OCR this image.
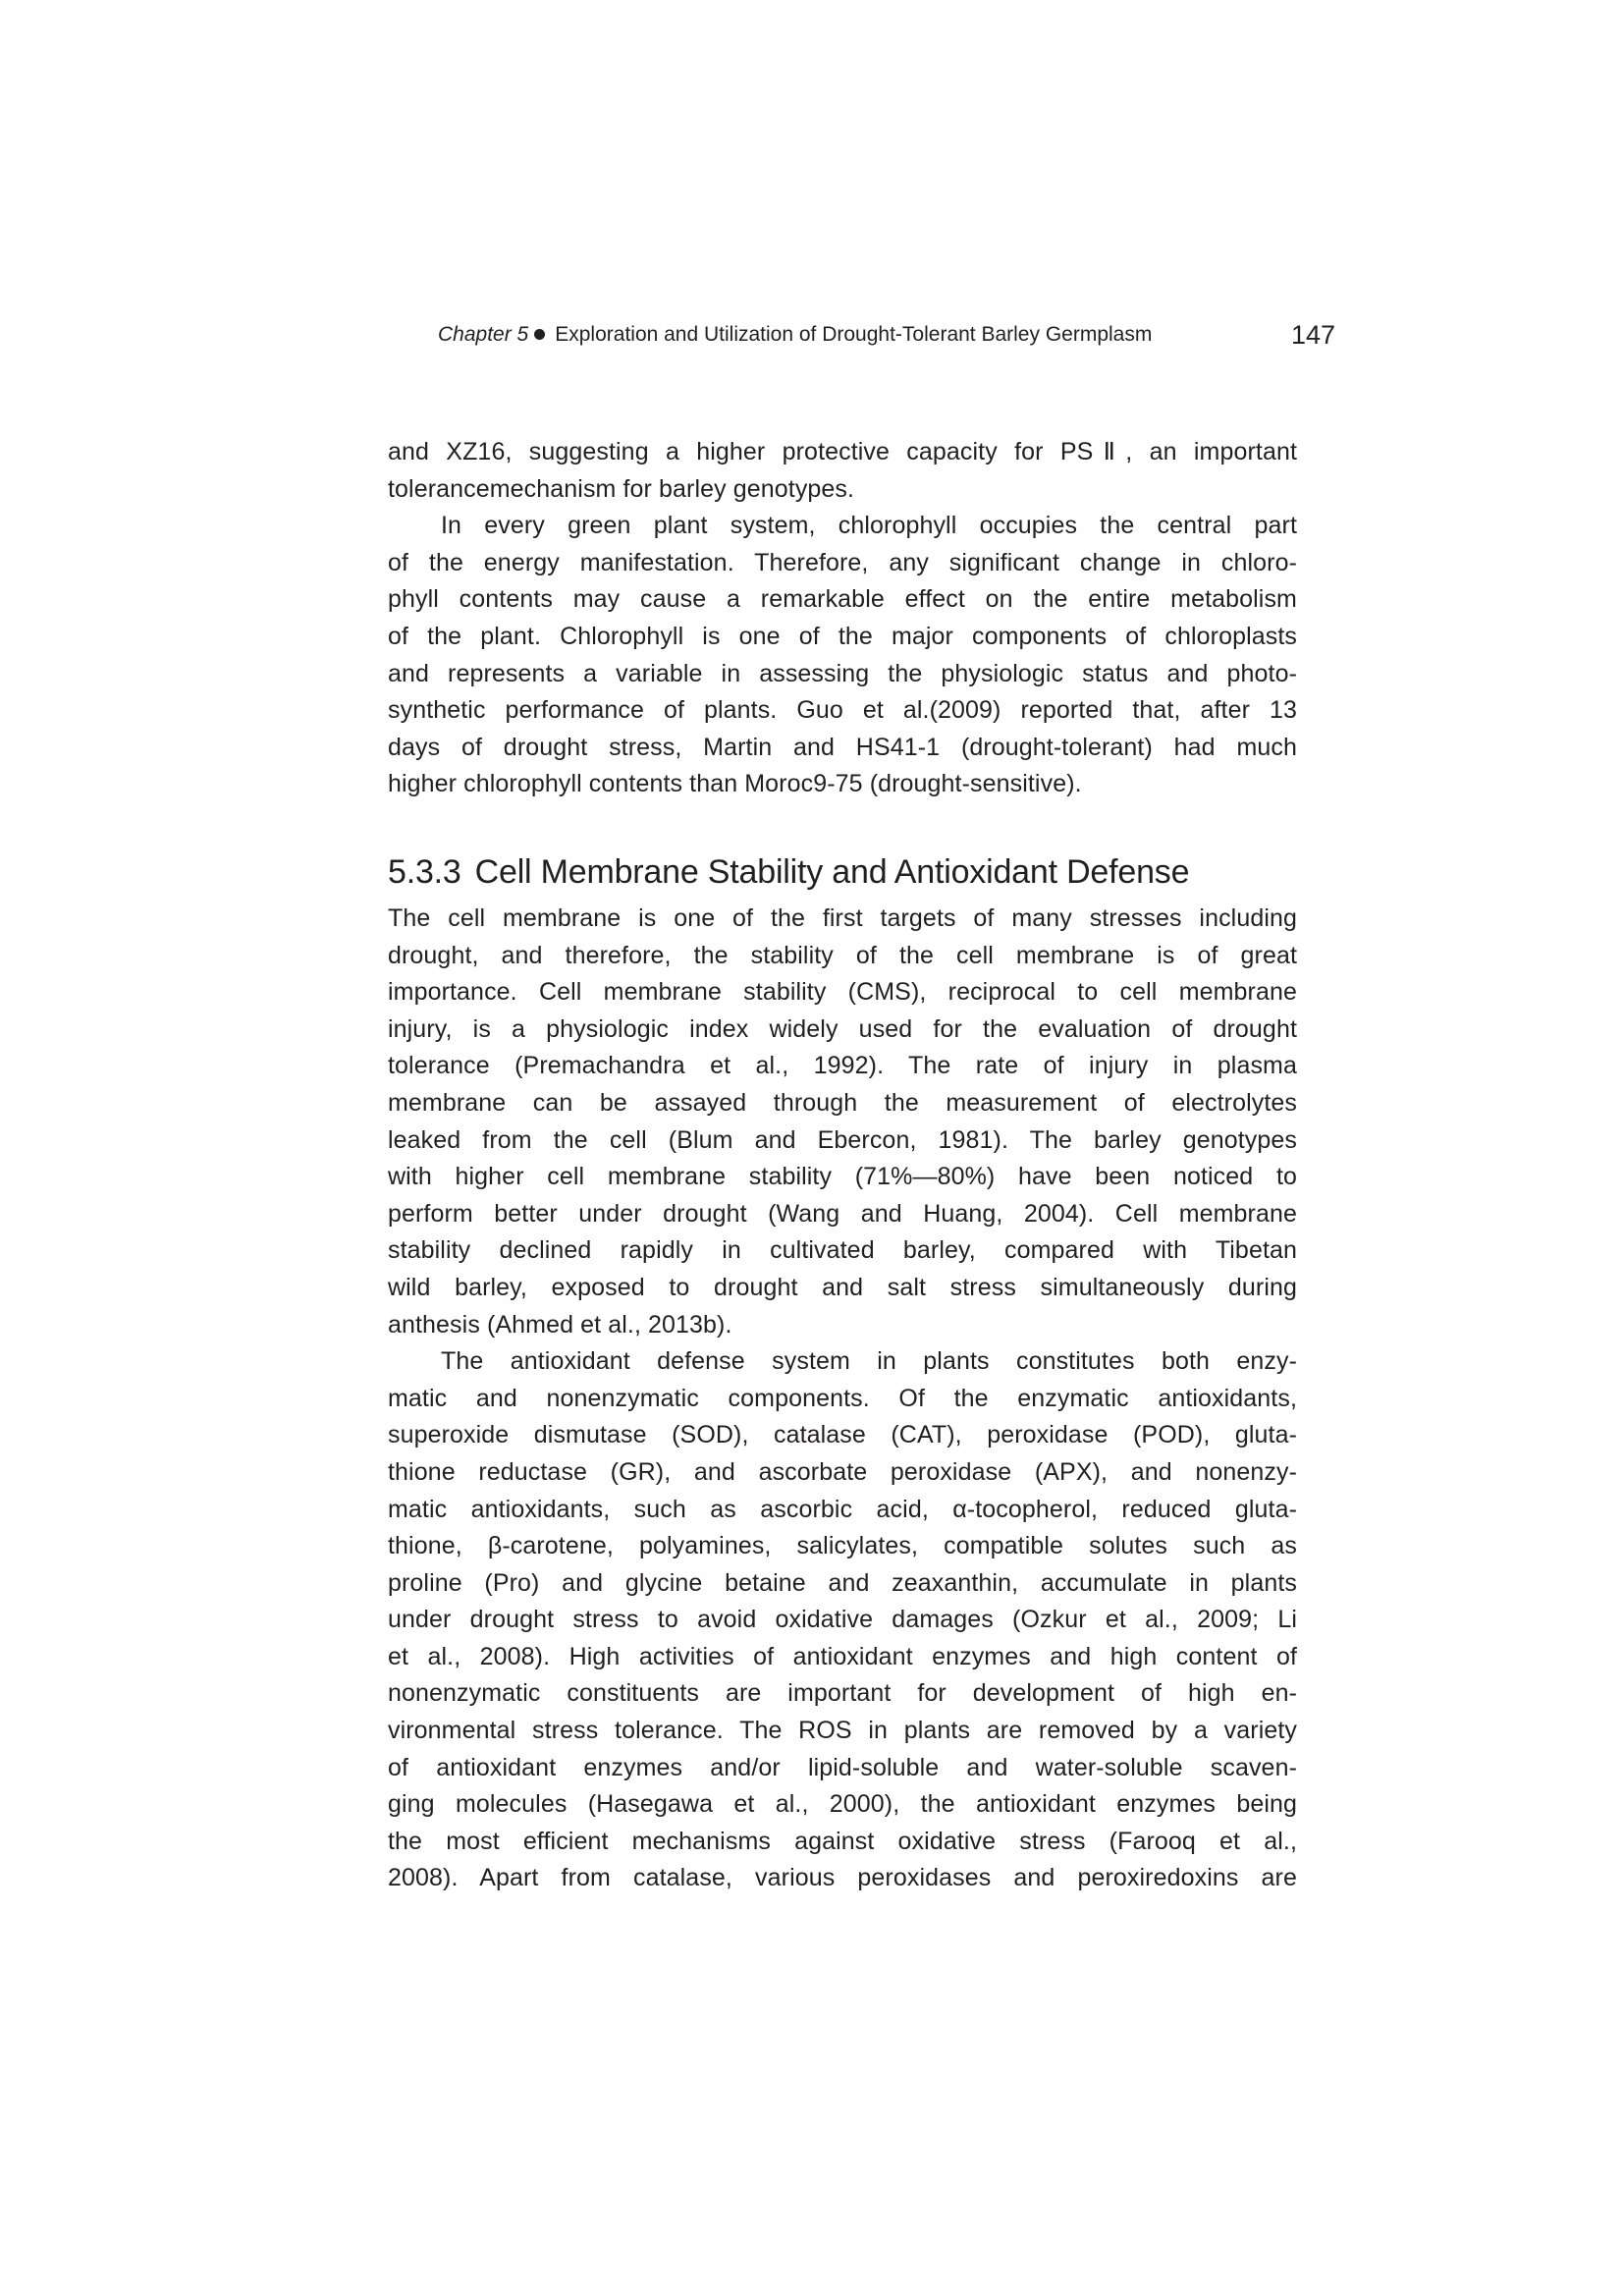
Chapter 5 Exploration and Utilization of Drought-Tolerant Barley Germplasm	147
and XZ16, suggesting a higher protective capacity for PSⅡ, an important
tolerancemechanism for barley genotypes.
In every green plant system, chlorophyll occupies the central part
of the energy manifestation. Therefore, any significant change in chloro-
phyll contents may cause a remarkable effect on the entire metabolism
of the plant. Chlorophyll is one of the major components of chloroplasts
and represents a variable in assessing the physiologic status and photo-
synthetic performance of plants. Guo et al.(2009) reported that, after 13
days of drought stress, Martin and HS41-1 (drought-tolerant) had much
higher chlorophyll contents than Moroc9-75 (drought-sensitive).
5.3.3 Cell Membrane Stability and Antioxidant Defense
The cell membrane is one of the first targets of many stresses including
drought, and therefore, the stability of the cell membrane is of great
importance. Cell membrane stability (CMS), reciprocal to cell membrane
injury, is a physiologic index widely used for the evaluation of drought
tolerance (Premachandra et al., 1992). The rate of injury in plasma
membrane can be assayed through the measurement of electrolytes
leaked from the cell (Blum and Ebercon, 1981). The barley genotypes
with higher cell membrane stability (71%—80%) have been noticed to
perform better under drought (Wang and Huang, 2004). Cell membrane
stability declined rapidly in cultivated barley, compared with Tibetan
wild barley, exposed to drought and salt stress simultaneously during
anthesis (Ahmed et al., 2013b).
The antioxidant defense system in plants constitutes both enzy-
matic and nonenzymatic components. Of the enzymatic antioxidants,
superoxide dismutase (SOD), catalase (CAT), peroxidase (POD), gluta-
thione reductase (GR), and ascorbate peroxidase (APX), and nonenzy-
matic antioxidants, such as ascorbic acid, α-tocopherol, reduced gluta-
thione, β-carotene, polyamines, salicylates, compatible solutes such as
proline (Pro) and glycine betaine and zeaxanthin, accumulate in plants
under drought stress to avoid oxidative damages (Ozkur et al., 2009; Li
et al., 2008). High activities of antioxidant enzymes and high content of
nonenzymatic constituents are important for development of high en-
vironmental stress tolerance. The ROS in plants are removed by a variety
of antioxidant enzymes and/or lipid-soluble and water-soluble scaven-
ging molecules (Hasegawa et al., 2000), the antioxidant enzymes being
the most efficient mechanisms against oxidative stress (Farooq et al.,
2008). Apart from catalase, various peroxidases and peroxiredoxins are
